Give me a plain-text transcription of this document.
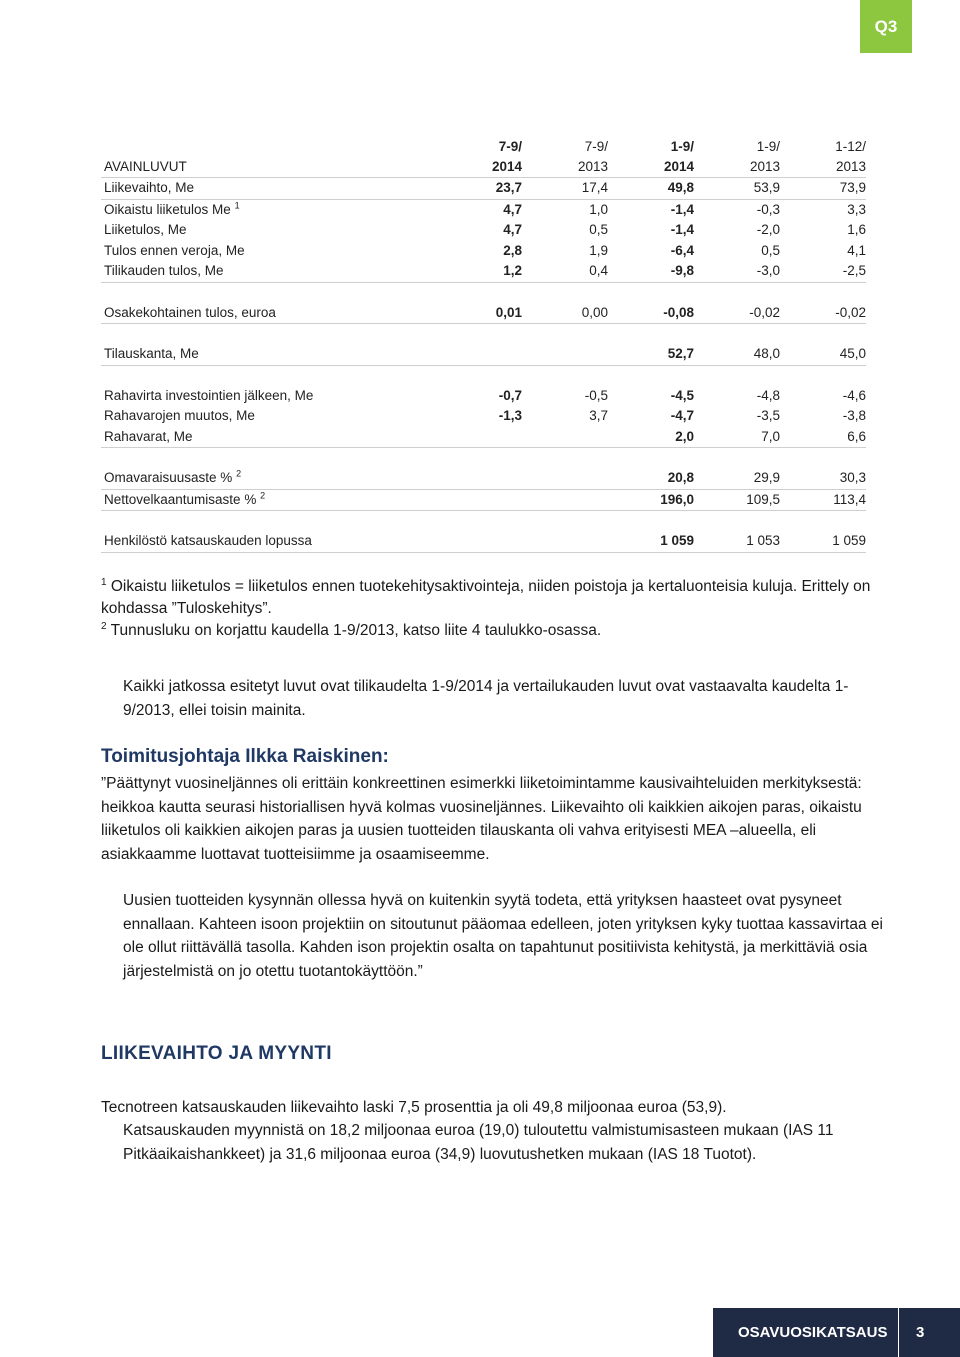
Q3
	7-9/	7-9/	1-9/	1-9/	1-12/
AVAINLUVUT	2014	2013	2014	2013	2013
Liikevaihto, Me	23,7	17,4	49,8	53,9	73,9
Oikaistu liiketulos Me $^1$	4,7	1,0	-1,4	-0,3	3,3
Liiketulos, Me	4,7	0,5	-1,4	-2,0	1,6
Tulos ennen veroja, Me	2,8	1,9	-6,4	0,5	4,1
Tilikauden tulos, Me	1,2	0,4	-9,8	-3,0	-2,5

Osakekohtainen tulos, euroa	0,01	0,00	-0,08	-0,02	-0,02

Tilauskanta, Me			52,7	48,0	45,0

Rahavirta investointien jälkeen, Me	-0,7	-0,5	-4,5	-4,8	-4,6
Rahavarojen muutos, Me	-1,3	3,7	-4,7	-3,5	-3,8
Rahavarat, Me			2,0	7,0	6,6

Omavaraisuusaste % $^2$			20,8	29,9	30,3
Nettovelkaantumisaste % $^2$			196,0	109,5	113,4

Henkilöstö katsauskauden lopussa			1 059	1 053	1 059
$^1$ Oikaistu liiketulos = liiketulos ennen tuotekehitysaktivointeja, niiden poistoja ja kertaluonteisia kuluja. Erittely on kohdassa ”Tuloskehitys”.
$^2$ Tunnusluku on korjattu kaudella 1-9/2013, katso liite 4 taulukko-osassa.

Kaikki jatkossa esitetyt luvut ovat tilikaudelta 1-9/2014 ja vertailukauden luvut ovat vastaavalta kaudelta 1-9/2013, ellei toisin mainita.

Toimitusjohtaja Ilkka Raiskinen:

”Päättynyt vuosineljännes oli erittäin konkreettinen esimerkki liiketoimintamme kausivaihteluiden merkityksestä: heikkoa kautta seurasi historiallisen hyvä kolmas vuosineljännes. Liikevaihto oli kaikkien aikojen paras, oikaistu liiketulos oli kaikkien aikojen paras ja uusien tuotteiden tilauskanta oli vahva erityisesti MEA –alueella, eli asiakkaamme luottavat tuotteisiimme ja osaamiseemme.

Uusien tuotteiden kysynnän ollessa hyvä on kuitenkin syytä todeta, että yrityksen haasteet ovat pysyneet ennallaan. Kahteen isoon projektiin on sitoutunut pääomaa edelleen, joten yrityksen kyky tuottaa kassavirtaa ei ole ollut riittävällä tasolla. Kahden ison projektin osalta on tapahtunut positiivista kehitystä, ja merkittäviä osia järjestelmistä on jo otettu tuotantokäyttöön.”

LIIKEVAIHTO JA MYYNTI

Tecnotreen katsauskauden liikevaihto laski 7,5 prosenttia ja oli 49,8 miljoonaa euroa (53,9).

Katsauskauden myynnistä on 18,2 miljoonaa euroa (19,0) tuloutettu valmistumisasteen mukaan (IAS 11 Pitkäaikaishankkeet) ja 31,6 miljoonaa euroa (34,9) luovutushetken mukaan (IAS 18 Tuotot).

OSAVUOSIKATSAUS	3
